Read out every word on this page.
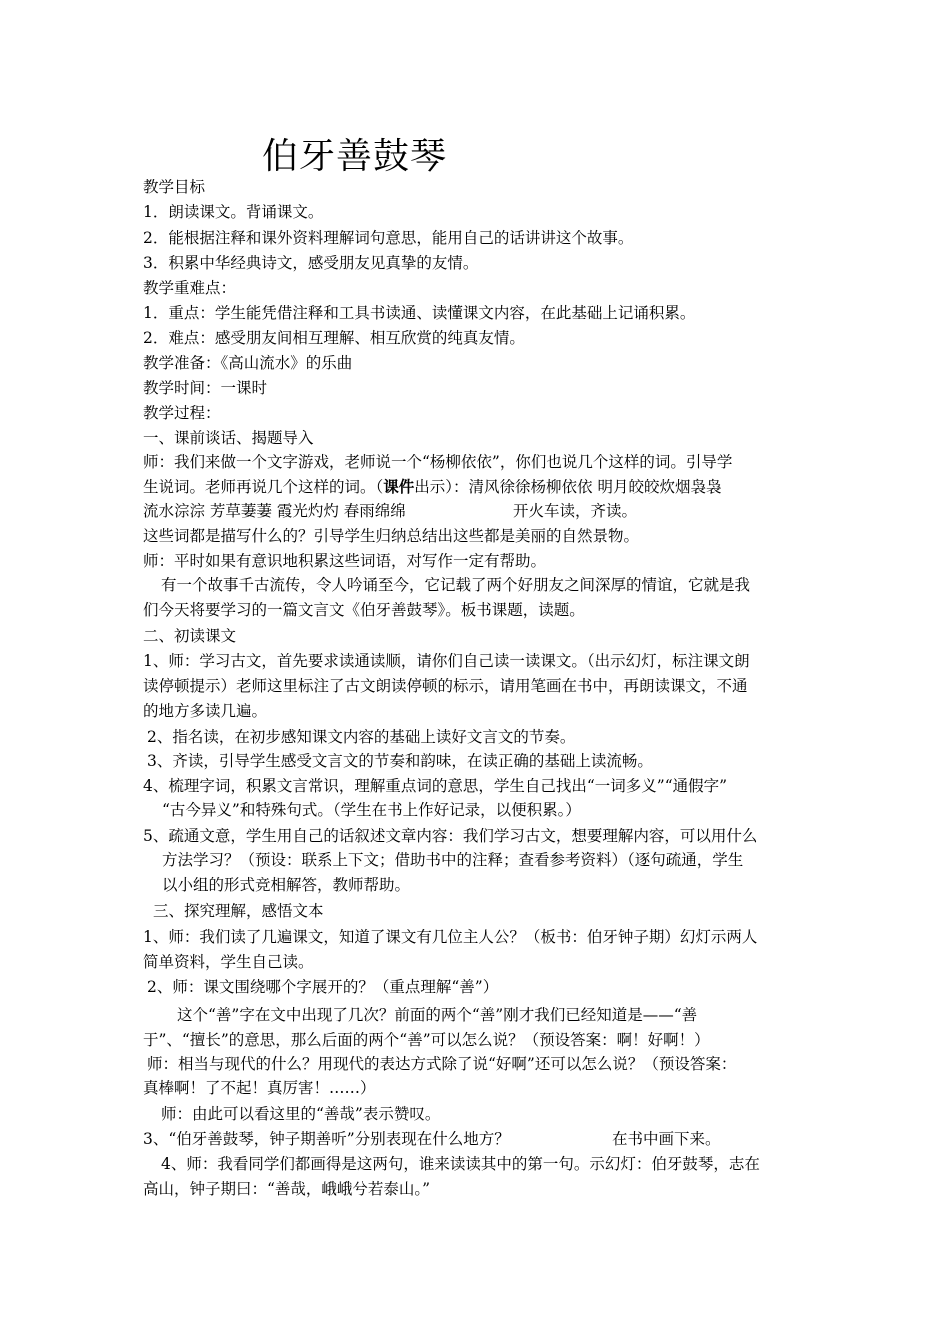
伯牙善鼓琴
教学目标
1．朗读课文。背诵课文。
2．能根据注释和课外资料理解词句意思，能用自己的话讲讲这个故事。
3．积累中华经典诗文，感受朋友见真挚的友情。
教学重难点：
1．重点：学生能凭借注释和工具书读通、读懂课文内容，在此基础上记诵积累。
2．难点：感受朋友间相互理解、相互欣赏的纯真友情。
教学准备：《高山流水》的乐曲
教学时间：一课时
教学过程：
一、课前谈话、揭题导入
师：我们来做一个文字游戏，老师说一个“杨柳依依”，你们也说几个这样的词。引导学
生说词。老师再说几个这样的词。（课件出示）：清风徐徐杨柳依依 明月皎皎炊烟袅袅
流水淙淙 芳草萋萋 霞光灼灼 春雨绵绵	开火车读，齐读。
这些词都是描写什么的？引导学生归纳总结出这些都是美丽的自然景物。
师：平时如果有意识地积累这些词语，对写作一定有帮助。
有一个故事千古流传，令人吟诵至今，它记载了两个好朋友之间深厚的情谊，它就是我
们今天将要学习的一篇文言文《伯牙善鼓琴》。板书课题，读题。
二、初读课文
1、师：学习古文，首先要求读通读顺，请你们自己读一读课文。（出示幻灯，标注课文朗
读停顿提示）老师这里标注了古文朗读停顿的标示，请用笔画在书中，再朗读课文，不通
的地方多读几遍。
2、指名读，在初步感知课文内容的基础上读好文言文的节奏。
3、齐读，引导学生感受文言文的节奏和韵味，在读正确的基础上读流畅。
4、梳理字词，积累文言常识，理解重点词的意思，学生自己找出“一词多义”“通假字”
“古今异义”和特殊句式。（学生在书上作好记录，以便积累。）
5、疏通文意，学生用自己的话叙述文章内容：我们学习古文，想要理解内容，可以用什么
方法学习？（预设：联系上下文；借助书中的注释；查看参考资料）（逐句疏通，学生
以小组的形式竞相解答，教师帮助。
三、探究理解，感悟文本
1、师：我们读了几遍课文，知道了课文有几位主人公？（板书：伯牙钟子期）幻灯示两人
简单资料，学生自己读。
2、师：课文围绕哪个字展开的？（重点理解“善”）
这个“善”字在文中出现了几次？前面的两个“善”刚才我们已经知道是——“善
于”、“擅长”的意思，那么后面的两个“善”可以怎么说？（预设答案：啊！好啊！）
师：相当与现代的什么？用现代的表达方式除了说“好啊”还可以怎么说？（预设答案：
真棒啊！了不起！真厉害！……）
师：由此可以看这里的“善哉”表示赞叹。
3、“伯牙善鼓琴，钟子期善听”分别表现在什么地方？	在书中画下来。
4、师：我看同学们都画得是这两句，谁来读读其中的第一句。示幻灯：伯牙鼓琴，志在
高山，钟子期曰：“善哉，峨峨兮若泰山。”
